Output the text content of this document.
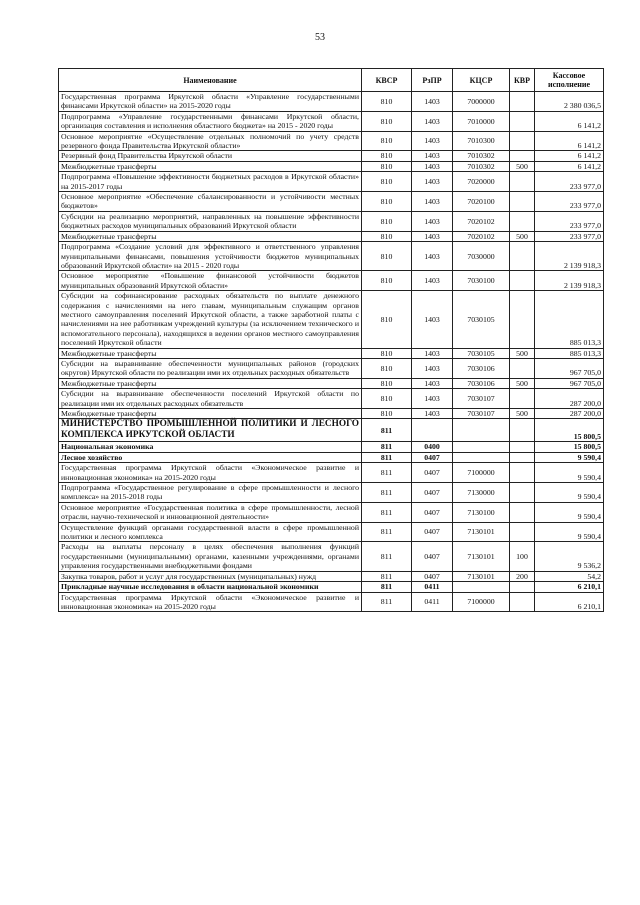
53
Наименование	КВСР	РзПР	КЦСР	КВР	Кассовое исполнение
Государственная программа Иркутской области «Управление государственными финансами Иркутской области» на 2015-2020 годы	810	1403	7000000		2 380 036,5
Подпрограмма «Управление государственными финансами Иркутской области, организация составления и исполнения областного бюджета» на 2015 - 2020 годы	810	1403	7010000		6 141,2
Основное мероприятие «Осуществление отдельных полномочий по учету средств резервного фонда Правительства Иркутской области»	810	1403	7010300		6 141,2
Резервный фонд Правительства Иркутской области	810	1403	7010302		6 141,2
Межбюджетные трансферты	810	1403	7010302	500	6 141,2
Подпрограмма «Повышение эффективности бюджетных расходов в Иркутской области» на 2015-2017 годы	810	1403	7020000		233 977,0
Основное мероприятие «Обеспечение сбалансированности и устойчивости местных бюджетов»	810	1403	7020100		233 977,0
Субсидии на реализацию мероприятий, направленных на повышение эффективности бюджетных расходов муниципальных образований Иркутской области	810	1403	7020102		233 977,0
Межбюджетные трансферты	810	1403	7020102	500	233 977,0
Подпрограмма «Создание условий для эффективного и ответственного управления муниципальными финансами, повышения устойчивости бюджетов муниципальных образований Иркутской области» на 2015 - 2020 годы	810	1403	7030000		2 139 918,3
Основное мероприятие «Повышение финансовой устойчивости бюджетов муниципальных образований Иркутской области»	810	1403	7030100		2 139 918,3
Субсидии на софинансирование расходных обязательств по выплате денежного содержания с начислениями на него главам, муниципальным служащим органов местного самоуправления поселений Иркутской области, а также заработной платы с начислениями на нее работникам учреждений культуры (за исключением технического и вспомогательного персонала), находящихся в ведении органов местного самоуправления поселений Иркутской области	810	1403	7030105		885 013,3
Межбюджетные трансферты	810	1403	7030105	500	885 013,3
Субсидии на выравнивание обеспеченности муниципальных районов (городских округов) Иркутской области по реализации ими их отдельных расходных обязательств	810	1403	7030106		967 705,0
Межбюджетные трансферты	810	1403	7030106	500	967 705,0
Субсидии на выравнивание обеспеченности поселений Иркутской области по реализации ими их отдельных расходных обязательств	810	1403	7030107		287 200,0
Межбюджетные трансферты	810	1403	7030107	500	287 200,0
МИНИСТЕРСТВО ПРОМЫШЛЕННОЙ ПОЛИТИКИ И ЛЕСНОГО КОМПЛЕКСА ИРКУТСКОЙ ОБЛАСТИ	811				15 800,5
Национальная экономика	811	0400			15 800,5
Лесное хозяйство	811	0407			9 590,4
Государственная программа Иркутской области «Экономическое развитие и инновационная экономика» на 2015-2020 годы	811	0407	7100000		9 590,4
Подпрограмма «Государственное регулирование в сфере промышленности и лесного комплекса» на 2015-2018 годы	811	0407	7130000		9 590,4
Основное мероприятие «Государственная политика в сфере промышленности, лесной отрасли, научно-технической и инновационной деятельности»	811	0407	7130100		9 590,4
Осуществление функций органами государственной власти в сфере промышленной политики и лесного комплекса	811	0407	7130101		9 590,4
Расходы на выплаты персоналу в целях обеспечения выполнения функций государственными (муниципальными) органами, казенными учреждениями, органами управления государственными внебюджетными фондами	811	0407	7130101	100	9 536,2
Закупка товаров, работ и услуг для государственных (муниципальных) нужд	811	0407	7130101	200	54,2
Прикладные научные исследования в области национальной экономики	811	0411			6 210,1
Государственная программа Иркутской области «Экономическое развитие и инновационная экономика» на 2015-2020 годы	811	0411	7100000		6 210,1
